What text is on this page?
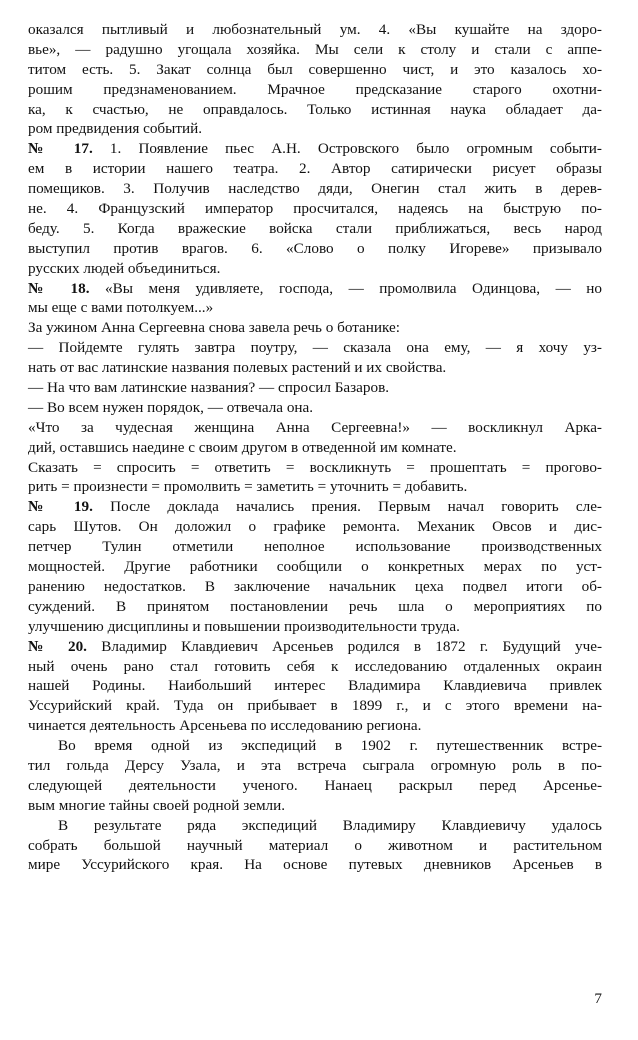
оказался пытливый и любознательный ум. 4. «Вы кушайте на здоро-
вье», — радушно угощала хозяйка. Мы сели к столу и стали с аппе-
титом есть. 5. Закат солнца был совершенно чист, и это казалось хо-
рошим предзнаменованием. Мрачное предсказание старого охотни-
ка, к счастью, не оправдалось. Только истинная наука обладает да-
ром предвидения событий.
№ 17. 1. Появление пьес А.Н. Островского было огромным событи-
ем в истории нашего театра. 2. Автор сатирически рисует образы
помещиков. 3. Получив наследство дяди, Онегин стал жить в дерев-
не. 4. Французский император просчитался, надеясь на быструю по-
беду. 5. Когда вражеские войска стали приближаться, весь народ
выступил против врагов. 6. «Слово о полку Игореве» призывало
русских людей объединиться.
№ 18. «Вы меня удивляете, господа, — промолвила Одинцова, — но
мы еще с вами потолкуем...»
За ужином Анна Сергеевна снова завела речь о ботанике:
— Пойдемте гулять завтра поутру, — сказала она ему, — я хочу уз-
нать от вас латинские названия полевых растений и их свойства.
— На что вам латинские названия? — спросил Базаров.
— Во всем нужен порядок, — отвечала она.
«Что за чудесная женщина Анна Сергеевна!» — воскликнул Арка-
дий, оставшись наедине с своим другом в отведенной им комнате.
Сказать = спросить = ответить = воскликнуть = прошептать = прогово-
рить = произнести = промолвить = заметить = уточнить = добавить.
№ 19. После доклада начались прения. Первым начал говорить сле-
сарь Шутов. Он доложил о графике ремонта. Механик Овсов и дис-
петчер Тулин отметили неполное использование производственных
мощностей. Другие работники сообщили о конкретных мерах по уст-
ранению недостатков. В заключение начальник цеха подвел итоги об-
суждений. В принятом постановлении речь шла о мероприятиях по
улучшению дисциплины и повышении производительности труда.
№ 20. Владимир Клавдиевич Арсеньев родился в 1872 г. Будущий уче-
ный очень рано стал готовить себя к исследованию отдаленных окраин
нашей Родины. Наибольший интерес Владимира Клавдиевича привлек
Уссурийский край. Туда он прибывает в 1899 г., и с этого времени на-
чинается деятельность Арсеньева по исследованию региона.
Во время одной из экспедиций в 1902 г. путешественник встре-
тил гольда Дерсу Узала, и эта встреча сыграла огромную роль в по-
следующей деятельности ученого. Нанаец раскрыл перед Арсенье-
вым многие тайны своей родной земли.
В результате ряда экспедиций Владимиру Клавдиевичу удалось
собрать большой научный материал о животном и растительном
мире Уссурийского края. На основе путевых дневников Арсеньев в
7
